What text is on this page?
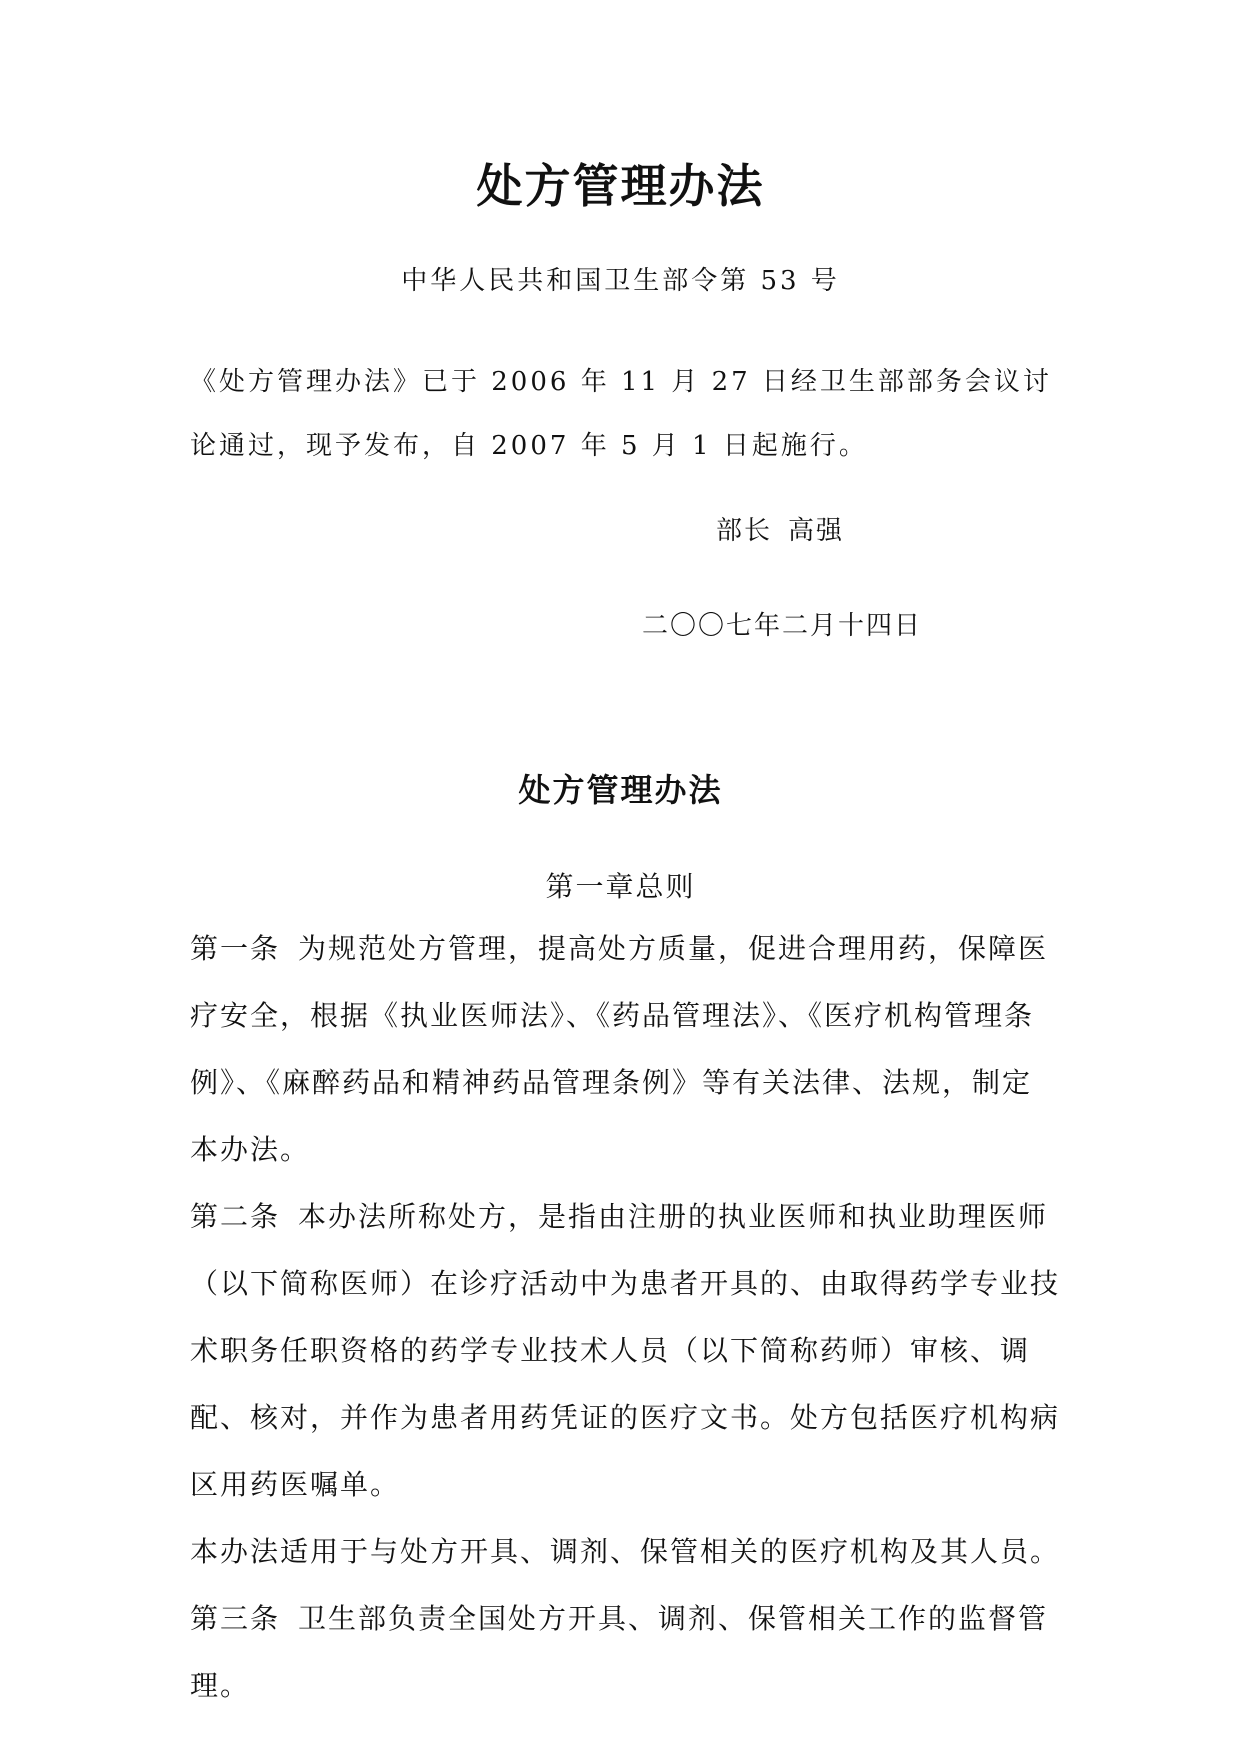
处方管理办法
中华人民共和国卫生部令第 53 号
《处方管理办法》已于 2006 年 11 月 27 日经卫生部部务会议讨论通过，现予发布，自 2007 年 5 月 1 日起施行。
部长 高强
二〇〇七年二月十四日
处方管理办法
第一章总则

第一条 为规范处方管理，提高处方质量，促进合理用药，保障医疗安全，根据《执业医师法》、《药品管理法》、《医疗机构管理条例》、《麻醉药品和精神药品管理条例》等有关法律、法规，制定本办法。

第二条 本办法所称处方，是指由注册的执业医师和执业助理医师（以下简称医师）在诊疗活动中为患者开具的、由取得药学专业技术职务任职资格的药学专业技术人员（以下简称药师）审核、调配、核对，并作为患者用药凭证的医疗文书。处方包括医疗机构病区用药医嘱单。

本办法适用于与处方开具、调剂、保管相关的医疗机构及其人员。

第三条 卫生部负责全国处方开具、调剂、保管相关工作的监督管理。
